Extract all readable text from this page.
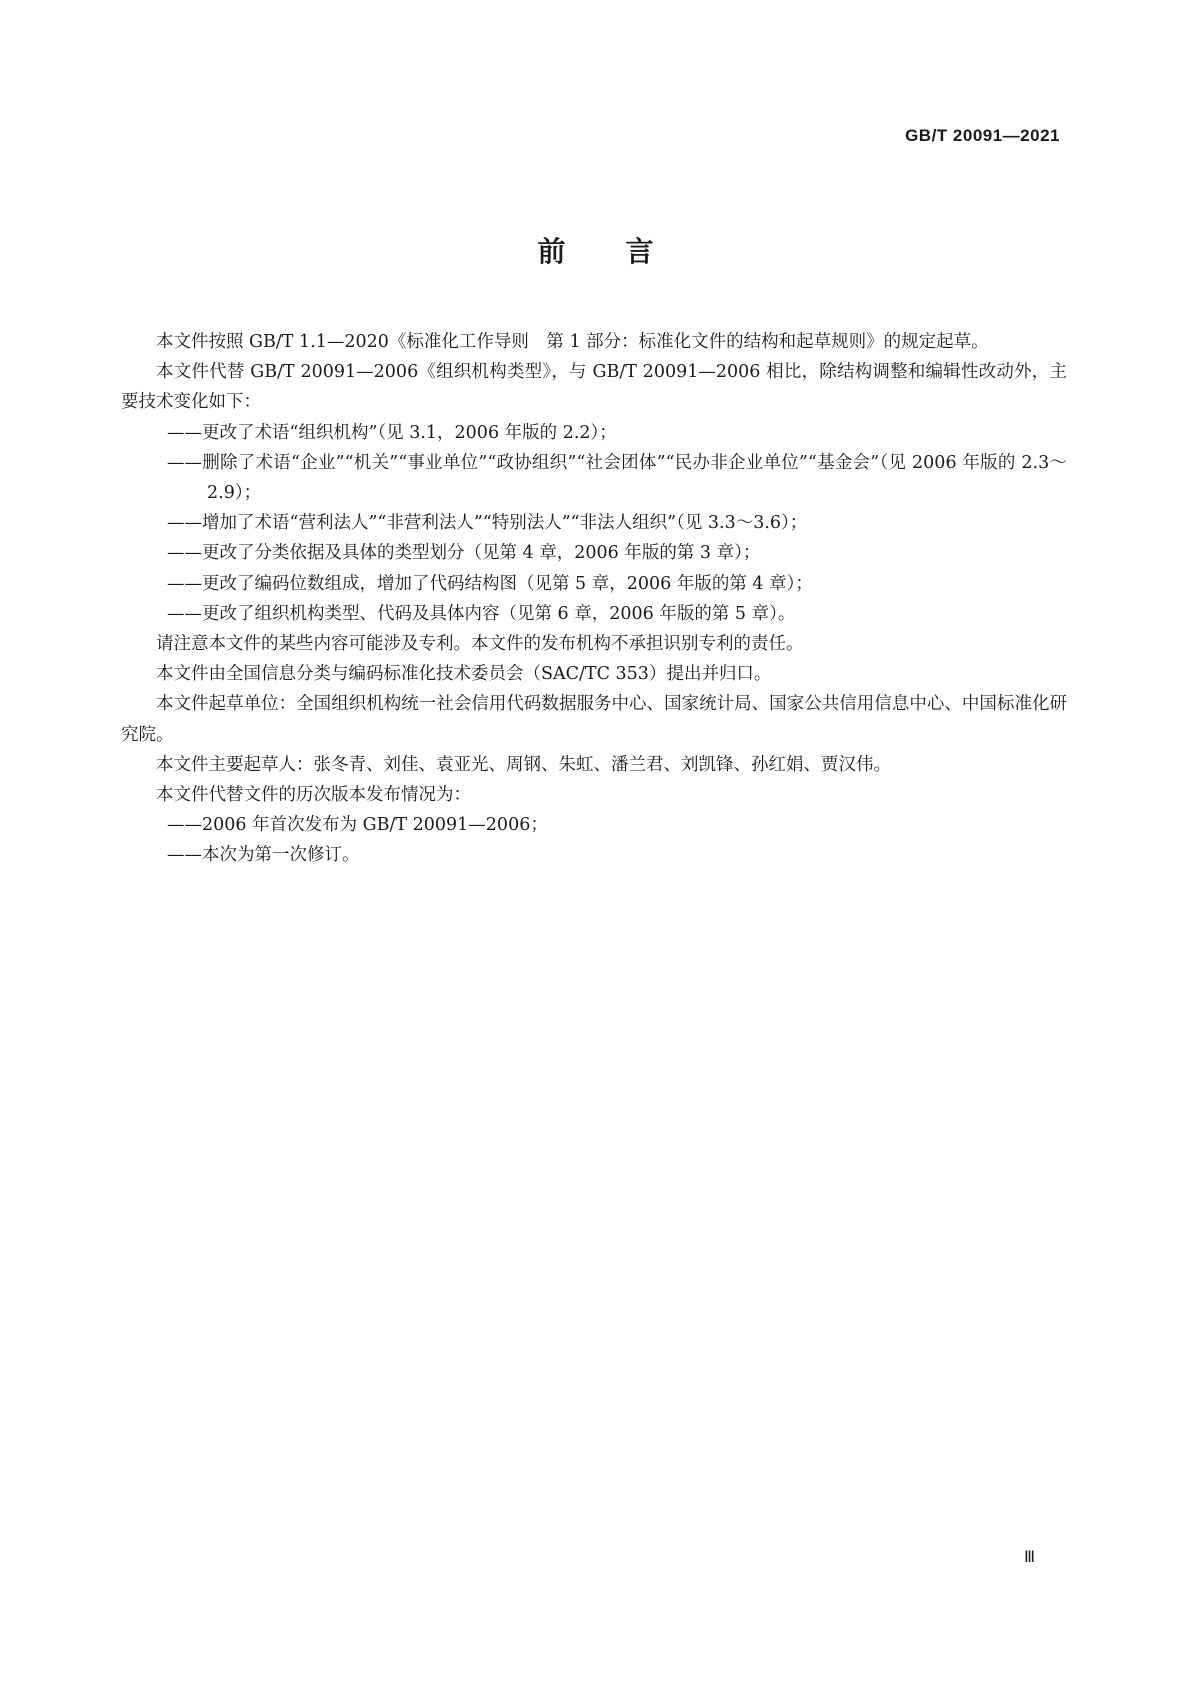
GB/T 20091—2021
前言

本文件按照 GB/T 1.1—2020《标准化工作导则　第 1 部分：标准化文件的结构和起草规则》的规定起草。

本文件代替 GB/T 20091—2006《组织机构类型》，与 GB/T 20091—2006 相比，除结构调整和编辑性改动外，主要技术变化如下：

——更改了术语“组织机构”（见 3.1，2006 年版的 2.2）；

——删除了术语“企业”“机关”“事业单位”“政协组织”“社会团体”“民办非企业单位”“基金会”（见 2006 年版的 2.3～2.9）；

——增加了术语“营利法人”“非营利法人”“特别法人”“非法人组织”（见 3.3～3.6）；

——更改了分类依据及具体的类型划分（见第 4 章，2006 年版的第 3 章）；

——更改了编码位数组成，增加了代码结构图（见第 5 章，2006 年版的第 4 章）；

——更改了组织机构类型、代码及具体内容（见第 6 章，2006 年版的第 5 章）。

请注意本文件的某些内容可能涉及专利。本文件的发布机构不承担识别专利的责任。

本文件由全国信息分类与编码标准化技术委员会（SAC/TC 353）提出并归口。

本文件起草单位：全国组织机构统一社会信用代码数据服务中心、国家统计局、国家公共信用信息中心、中国标准化研究院。

本文件主要起草人：张冬青、刘佳、袁亚光、周钢、朱虹、潘兰君、刘凯锋、孙红娟、贾汉伟。

本文件代替文件的历次版本发布情况为：

——2006 年首次发布为 GB/T 20091—2006；

——本次为第一次修订。

Ⅲ
